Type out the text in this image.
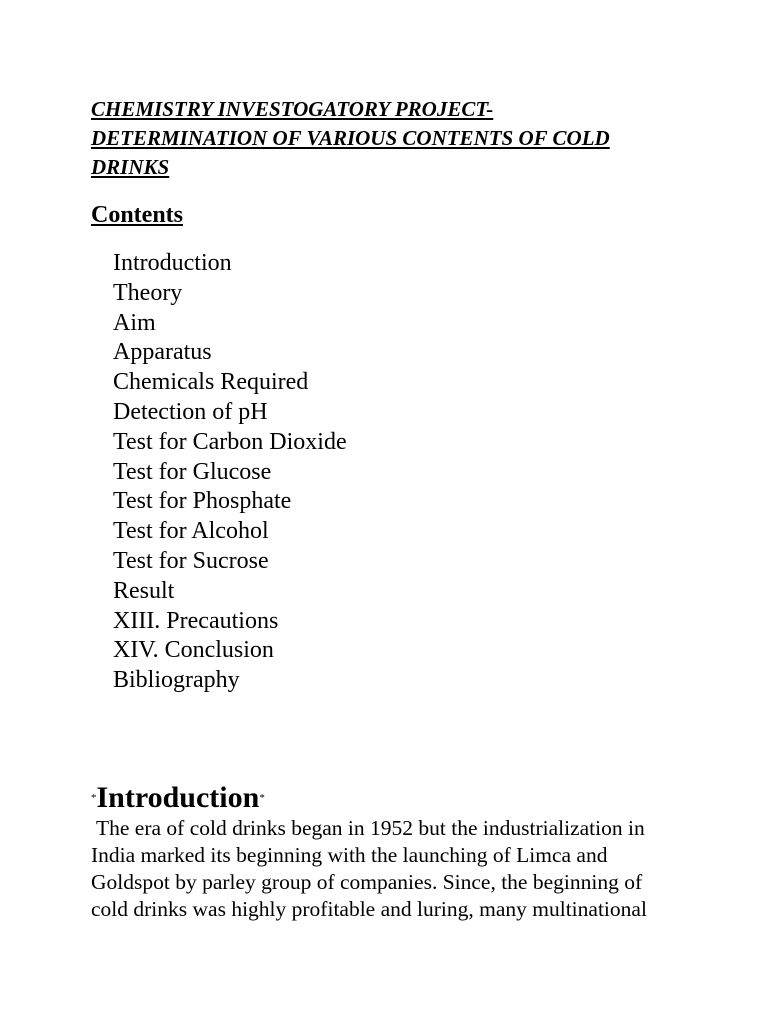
CHEMISTRY INVESTOGATORY PROJECT-
DETERMINATION OF VARIOUS CONTENTS OF COLD
DRINKS
Contents
Introduction
Theory
Aim
Apparatus
Chemicals Required
Detection of pH
Test for Carbon Dioxide
Test for Glucose
Test for Phosphate
Test for Alcohol
Test for Sucrose
Result
XIII. Precautions
XIV. Conclusion
Bibliography
*Introduction*

The era of cold drinks began in 1952 but the industrialization in
India marked its beginning with the launching of Limca and
Goldspot by parley group of companies. Since, the beginning of
cold drinks was highly profitable and luring, many multinational
